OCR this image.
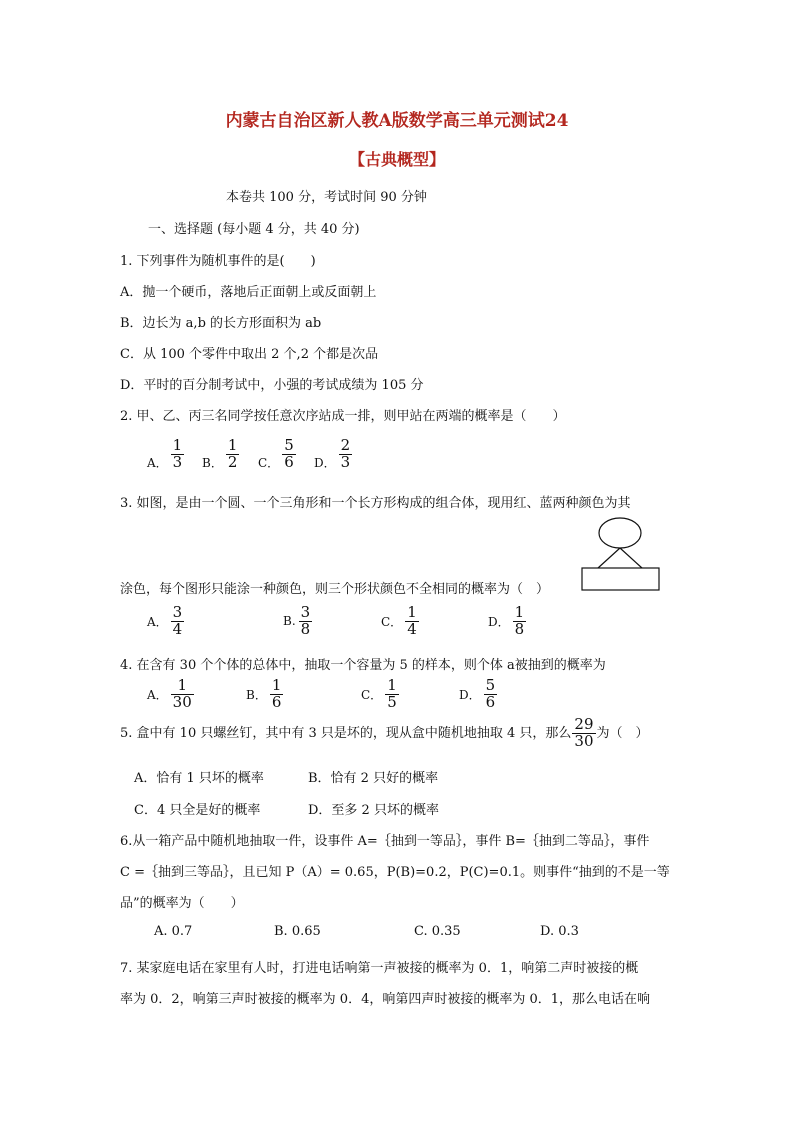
内蒙古自治区新人教A版数学高三单元测试24
【古典概型】
本卷共 100 分，考试时间 90 分钟
一、选择题 (每小题 4 分，共 40 分)
1. 下列事件为随机事件的是(　　)
A．抛一个硬币，落地后正面朝上或反面朝上
B．边长为 a,b 的长方形面积为 ab
C．从 100 个零件中取出 2 个,2 个都是次品
D．平时的百分制考试中，小强的考试成绩为 105 分
2. 甲、乙、丙三名同学按任意次序站成一排，则甲站在两端的概率是（　　）
A． $\frac{1}{3}$ B． $\frac{1}{2}$ C． $\frac{5}{6}$ D． $\frac{2}{3}$
3. 如图，是由一个圆、一个三角形和一个长方形构成的组合体，现用红、蓝两种颜色为其
涂色，每个图形只能涂一种颜色，则三个形状颜色不全相同的概率为（　）
A． $\frac{3}{4}$	B. $\frac{3}{8}$	C． $\frac{1}{4}$	D． $\frac{1}{8}$
4. 在含有 30 个个体的总体中，抽取一个容量为 5 的样本，则个体 a被抽到的概率为
A． $\frac{1}{30}$	B． $\frac{1}{6}$	C． $\frac{1}{5}$	D． $\frac{5}{6}$
5. 盒中有 10 只螺丝钉，其中有 3 只是坏的，现从盒中随机地抽取 4 只，那么 $\frac{29}{30}$ 为（　）
A．恰有 1 只坏的概率	B．恰有 2 只好的概率
C．4 只全是好的概率	D．至多 2 只坏的概率
6.从一箱产品中随机地抽取一件，设事件 A=｛抽到一等品｝，事件 B=｛抽到二等品｝，事件
C =｛抽到三等品｝，且已知 P（A）= 0.65，P(B)=0.2，P(C)=0.1。则事件“抽到的不是一等
品”的概率为（　　）
A. 0.7	B. 0.65	C. 0.35	D. 0.3
7. 某家庭电话在家里有人时，打进电话响第一声被接的概率为 0．1，响第二声时被接的概
率为 0．2，响第三声时被接的概率为 0．4，响第四声时被接的概率为 0．1，那么电话在响
